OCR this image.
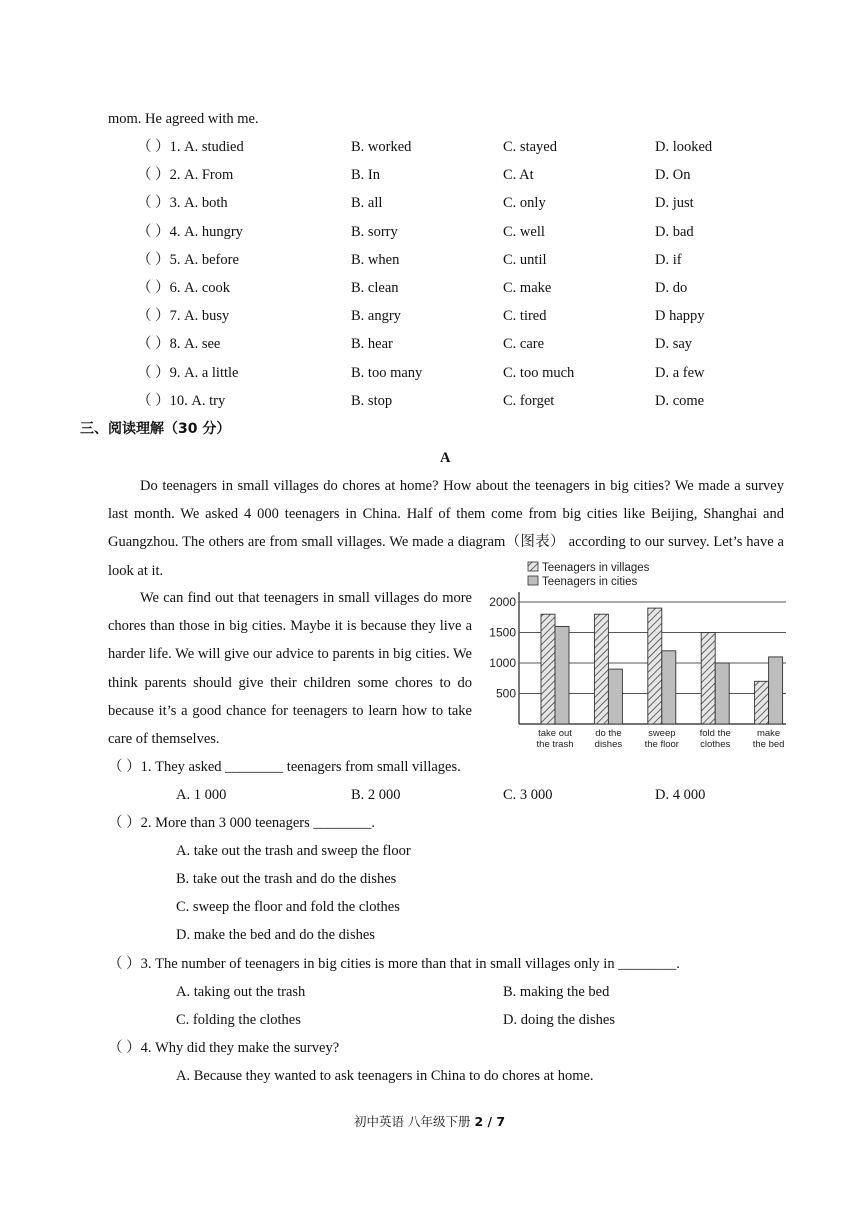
mom. He agreed with me.
（ ）1. A. studied	B. worked	C. stayed	D. looked
（ ）2. A. From	B. In	C. At	D. On
（ ）3. A. both	B. all	C. only	D. just
（ ）4. A. hungry	B. sorry	C. well	D. bad
（ ）5. A. before	B. when	C. until	D. if
（ ）6. A. cook	B. clean	C. make	D. do
（ ）7. A. busy	B. angry	C. tired	D happy
（ ）8. A. see	B. hear	C. care	D. say
（ ）9. A. a little	B. too many	C. too much	D. a few
（ ）10. A. try	B. stop	C. forget	D. come
三、阅读理解（30 分）
A
Do teenagers in small villages do chores at home? How about the teenagers in big cities? We made a survey last month. We asked 4 000 teenagers in China. Half of them come from big cities like Beijing, Shanghai and Guangzhou. The others are from small villages. We made a diagram（图表） according to our survey. Let’s have a look at it.
We can find out that teenagers in small villages do more chores than those in big cities. Maybe it is because they live a harder life. We will give our advice to parents in big cities. We think parents should give their children some chores to do because it’s a good chance for teenagers to learn how to take care of themselves.
500
1000
1500
2000
Teenagers in villages
Teenagers in cities
take out
the trash
do the
dishes
sweep
the floor
fold the
clothes
make
the bed
（ ）1. They asked ________ teenagers from small villages.
A. 1 000	B. 2 000	C. 3 000	D. 4 000
（ ）2. More than 3 000 teenagers ________.
A. take out the trash and sweep the floor
B. take out the trash and do the dishes
C. sweep the floor and fold the clothes
D. make the bed and do the dishes
（ ）3. The number of teenagers in big cities is more than that in small villages only in ________.
A. taking out the trash	B. making the bed
C. folding the clothes	D. doing the dishes
（ ）4. Why did they make the survey?
A. Because they wanted to ask teenagers in China to do chores at home.
初中英语 八年级下册 2 / 7
